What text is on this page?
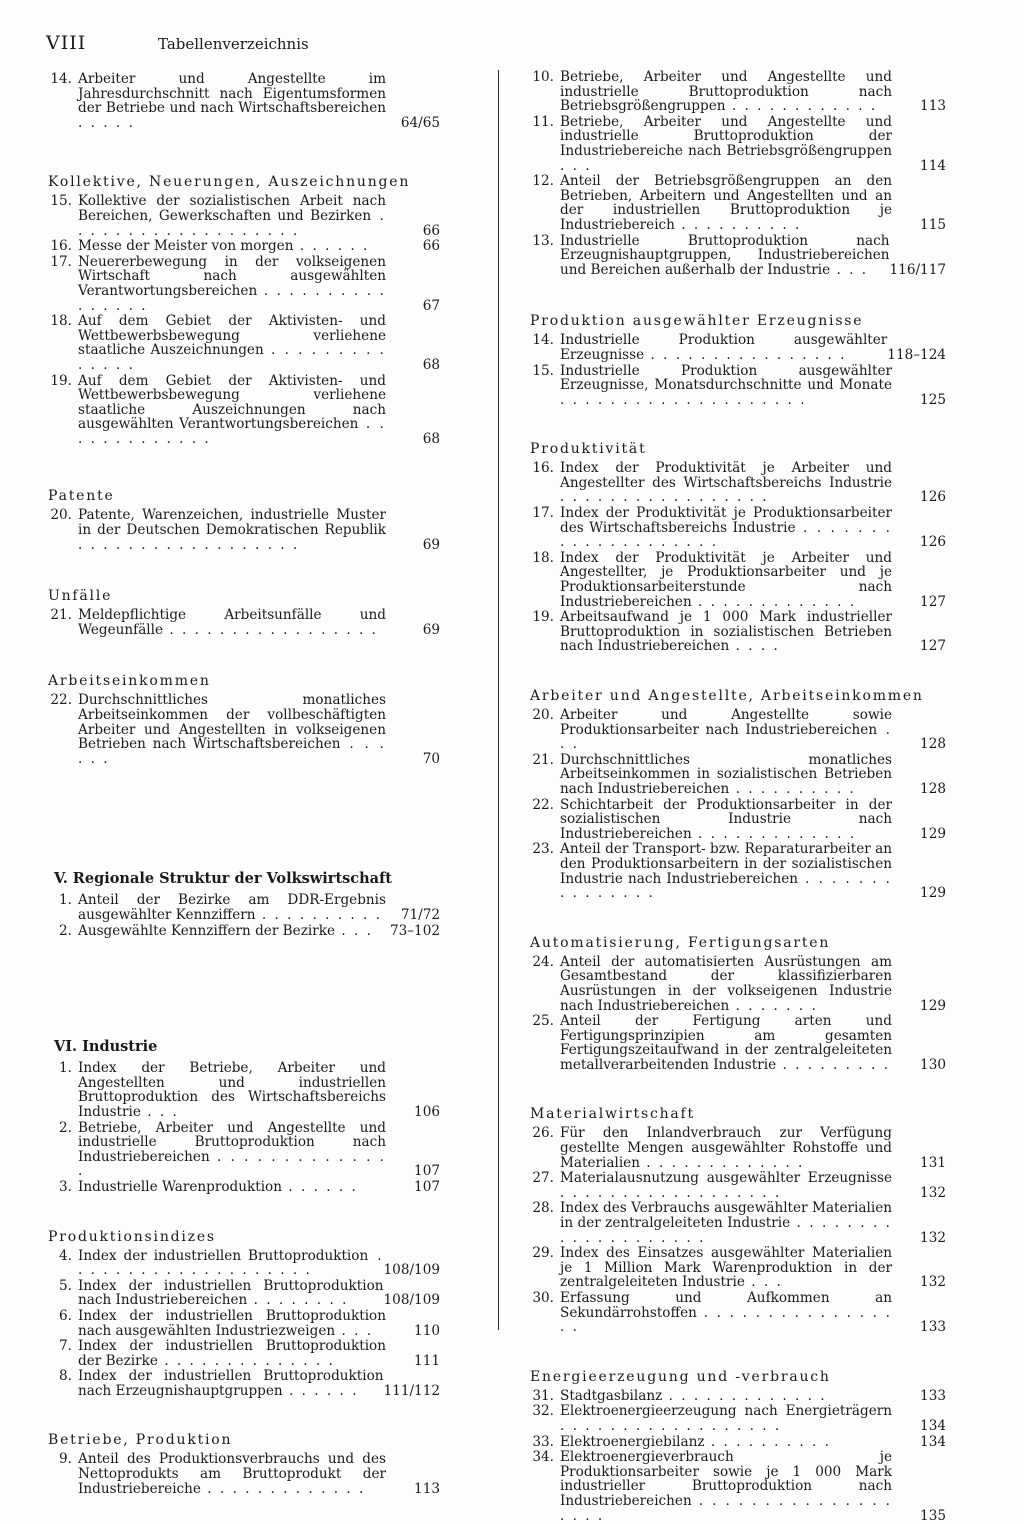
VIII	Tabellenverzeichnis
14. Arbeiter und Angestellte im Jahresdurchschnitt nach Eigentumsformen der Betriebe und nach Wirtschaftsbereichen . . . . .	64/65
Kollektive, Neuerungen, Auszeichnungen
15. Kollektive der sozialistischen Arbeit nach Bereichen, Gewerkschaften und Bezirken . . . . . . . . . . . . . . . . . . .	66
16. Messe der Meister von morgen . . . . . .	66
17. Neuererbewegung in der volkseigenen Wirtschaft nach ausgewählten Verantwortungsbereichen . . . . . . . . . . . . . . . .	67
18. Auf dem Gebiet der Aktivisten- und Wettbewerbsbewegung verliehene staatliche Auszeichnungen . . . . . . . . . . . . . .	68
19. Auf dem Gebiet der Aktivisten- und Wettbewerbsbewegung verliehene staatliche Auszeichnungen nach ausgewählten Verantwortungsbereichen . . . . . . . . . . . . .	68
Patente
20. Patente, Warenzeichen, industrielle Muster in der Deutschen Demokratischen Republik . . . . . . . . . . . . . . . . . .	69
Unfälle
21. Meldepflichtige Arbeitsunfälle und Wegeunfälle . . . . . . . . . . . . . . . . .	69
Arbeitseinkommen
22. Durchschnittliches monatliches Arbeitseinkommen der vollbeschäftigten Arbeiter und Angestellten in volkseigenen Betrieben nach Wirtschaftsbereichen . . . . . .	70
V. Regionale Struktur der Volkswirtschaft
1. Anteil der Bezirke am DDR-Ergebnis ausgewählter Kennziffern . . . . . . . . . .	71/72
2. Ausgewählte Kennziffern der Bezirke . . .	73–102
VI. Industrie
1. Index der Betriebe, Arbeiter und Angestellten und industriellen Bruttoproduktion des Wirtschaftsbereichs Industrie . . .	106
2. Betriebe, Arbeiter und Angestellte und industrielle Bruttoproduktion nach Industriebereichen . . . . . . . . . . . . . .	107
3. Industrielle Warenproduktion . . . . . .	107
Produktionsindizes
4. Index der industriellen Bruttoproduktion . . . . . . . . . . . . . . . . . . . .	108/109
5. Index der industriellen Bruttoproduktion nach Industriebereichen . . . . . . . .	108/109
6. Index der industriellen Bruttoproduktion nach ausgewählten Industriezweigen . . .	110
7. Index der industriellen Bruttoproduktion der Bezirke . . . . . . . . . . . . . .	111
8. Index der industriellen Bruttoproduktion nach Erzeugnishauptgruppen . . . . . .	111/112
Betriebe, Produktion
9. Anteil des Produktionsverbrauchs und des Nettoprodukts am Bruttoprodukt der Industriebereiche . . . . . . . . . . . . .	113
10. Betriebe, Arbeiter und Angestellte und industrielle Bruttoproduktion nach Betriebsgrößengruppen . . . . . . . . . . . .	113
11. Betriebe, Arbeiter und Angestellte und industrielle Bruttoproduktion der Industriebereiche nach Betriebsgrößengruppen . . .	114
12. Anteil der Betriebsgrößengruppen an den Betrieben, Arbeitern und Angestellten und an der industriellen Bruttoproduktion je Industriebereich . . . . . . . . . .	115
13. Industrielle Bruttoproduktion nach Erzeugnishauptgruppen, Industriebereichen und Bereichen außerhalb der Industrie . . .	116/117
Produktion ausgewählter Erzeugnisse
14. Industrielle Produktion ausgewählter Erzeugnisse . . . . . . . . . . . . . . . .	118–124
15. Industrielle Produktion ausgewählter Erzeugnisse, Monatsdurchschnitte und Monate . . . . . . . . . . . . . . . . . . . .	125
Produktivität
16. Index der Produktivität je Arbeiter und Angestellter des Wirtschaftsbereichs Industrie . . . . . . . . . . . . . . . . .	126
17. Index der Produktivität je Produktionsarbeiter des Wirtschaftsbereichs Industrie . . . . . . . . . . . . . . . . . . . .	126
18. Index der Produktivität je Arbeiter und Angestellter, je Produktionsarbeiter und je Produktionsarbeiterstunde nach Industriebereichen . . . . . . . . . . . . .	127
19. Arbeitsaufwand je 1 000 Mark industrieller Bruttoproduktion in sozialistischen Betrieben nach Industriebereichen . . . .	127
Arbeiter und Angestellte, Arbeitseinkommen
20. Arbeiter und Angestellte sowie Produktionsarbeiter nach Industriebereichen . . .	128
21. Durchschnittliches monatliches Arbeitseinkommen in sozialistischen Betrieben nach Industriebereichen . . . . . . . . . .	128
22. Schichtarbeit der Produktionsarbeiter in der sozialistischen Industrie nach Industriebereichen . . . . . . . . . . . . .	129
23. Anteil der Transport- bzw. Reparaturarbeiter an den Produktionsarbeitern in der sozialistischen Industrie nach Industriebereichen . . . . . . . . . . . . . . .	129
Automatisierung, Fertigungsarten
24. Anteil der automatisierten Ausrüstungen am Gesamtbestand der klassifizierbaren Ausrüstungen in der volkseigenen Industrie nach Industriebereichen . . . . . . .	129
25. Anteil der Fertigung arten und Fertigungsprinzipien am gesamten Fertigungszeitaufwand in der zentralgeleiteten metallverarbeitenden Industrie . . . . . . . . .	130
Materialwirtschaft
26. Für den Inlandverbrauch zur Verfügung gestellte Mengen ausgewählter Rohstoffe und Materialien . . . . . . . . . . . . .	131
27. Materialausnutzung ausgewählter Erzeugnisse . . . . . . . . . . . . . . . . . .	132
28. Index des Verbrauchs ausgewählter Materialien in der zentralgeleiteten Industrie . . . . . . . . . . . . . . . . . . . .	132
29. Index des Einsatzes ausgewählter Materialien je 1 Million Mark Warenproduktion in der zentralgeleiteten Industrie . . .	132
30. Erfassung und Aufkommen an Sekundärrohstoffen . . . . . . . . . . . . . . . . .	133
Energieerzeugung und -verbrauch
31. Stadtgasbilanz . . . . . . . . . . . . .	133
32. Elektroenergieerzeugung nach Energieträgern . . . . . . . . . . . . . . . . . .	134
33. Elektroenergiebilanz . . . . . . . . . .	134
34. Elektroenergieverbrauch je Produktionsarbeiter sowie je 1 000 Mark industrieller Bruttoproduktion nach Industriebereichen . . . . . . . . . . . . . . . . . . .	135
